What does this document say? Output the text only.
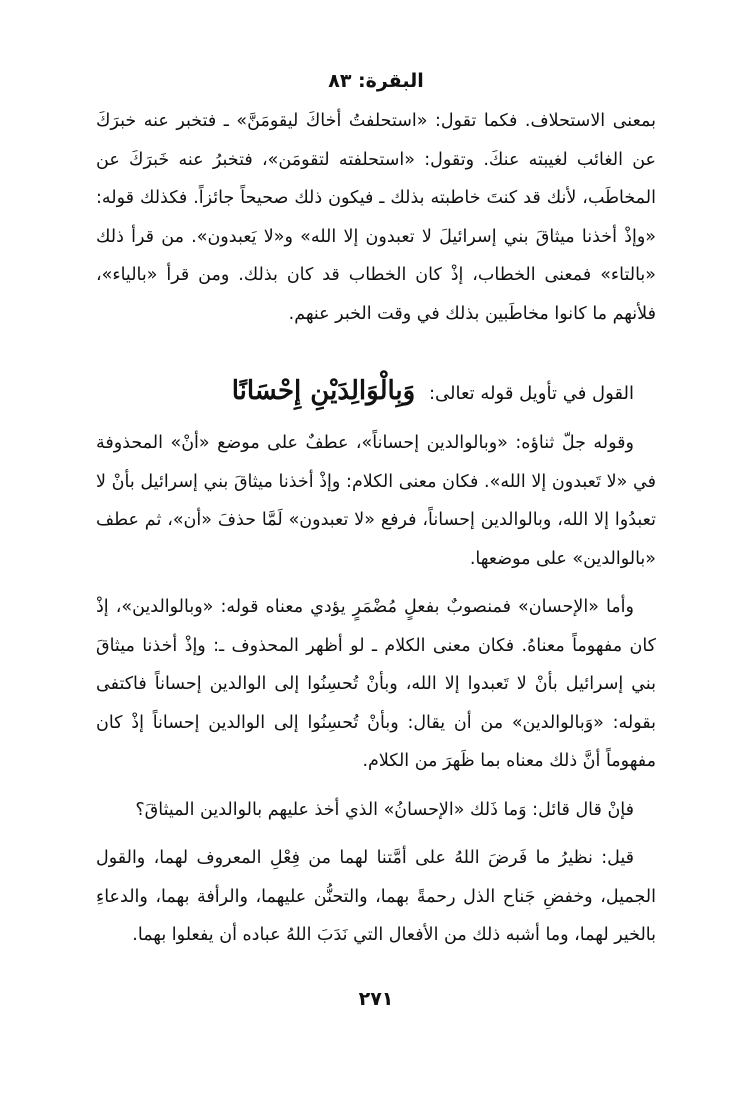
البقرة: ٨٣

بمعنى الاستحلاف. فكما تقول: «استحلفتُ أخاكَ ليقومَنَّ» ـ فتخبر عنه خبرَكَ عن الغائب لغيبته عنكَ. وتقول: «استحلفته لتقومَن»، فتخبرُ عنه خَبرَكَ عن المخاطَب، لأنك قد كنتَ خاطبته بذلك ـ فيكون ذلك صحيحاً جائزاً. فكذلك قوله: «وإذْ أخذنا ميثاقَ بني إسرائيلَ لا تعبدون إلا الله» و«لا يَعبدون». من قرأ ذلك «بالتاء» فمعنى الخطاب، إذْ كان الخطاب قد كان بذلك. ومن قرأ «بالياء»، فلأنهم ما كانوا مخاطَبين بذلك في وقت الخبر عنهم.

القول في تأويل قوله تعالى: وَبِالْوَالِدَيْنِ إِحْسَانًا

وقوله جلّ ثناؤه: «وبالوالدين إحساناً»، عطفٌ على موضع «أنْ» المحذوفة في «لا تَعبدون إلا الله». فكان معنى الكلام: وإذْ أخذنا ميثاقَ بني إسرائيل بأنْ لا تعبدُوا إلا الله، وبالوالدين إحساناً، فرفع «لا تعبدون» لَمَّا حذفَ «أن»، ثم عطف «بالوالدين» على موضعها.

وأما «الإحسان» فمنصوبٌ بفعلٍ مُضْمَرٍ يؤدي معناه قوله: «وبالوالدين»، إذْ كان مفهوماً معناهُ. فكان معنى الكلام ـ لو أظهر المحذوف ـ: وإذْ أخذنا ميثاقَ بني إسرائيل بأنْ لا تَعبدوا إلا الله، وبأنْ تُحسِنُوا إلى الوالدين إحساناً فاكتفى بقوله: «وَبالوالدين» من أن يقال: وبأنْ تُحسِنُوا إلى الوالدين إحساناً إذْ كان مفهوماً أنَّ ذلك معناه بما ظَهرَ من الكلام.

فإنْ قال قائل: وَما ذَلك «الإحسانُ» الذي أخذ عليهم بالوالدين الميثاقَ؟

قيل: نظيرُ ما فَرضَ اللهُ على أمَّتنا لهما من فِعْلِ المعروف لهما، والقول الجميل، وخفضِ جَناح الذل رحمةً بهما، والتحنُّن عليهما، والرأفة بهما، والدعاءِ بالخير لهما، وما أشبه ذلك من الأفعال التي نَدَبَ اللهُ عباده أن يفعلوا بهما.

٢٧١
